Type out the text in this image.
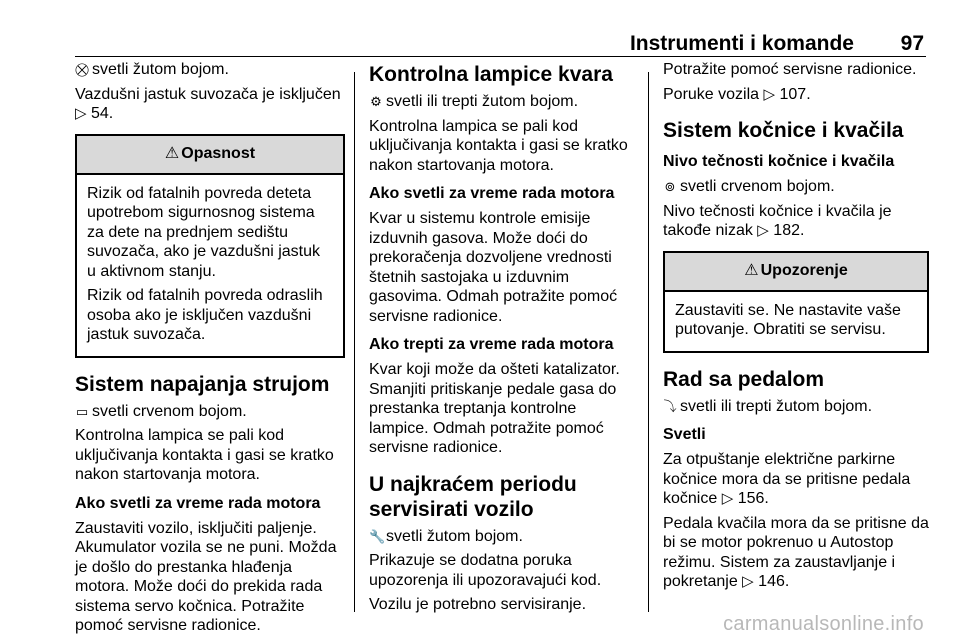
Instrumenti i komande 97

⛒ svetli žutom bojom.

Vazdušni jastuk suvozača je isključen
▷ 54.

⚠ Opasnost

Rizik od fatalnih povreda deteta upotrebom sigurnosnog sistema za dete na prednjem sedištu suvozača, ako je vazdušni jastuk u aktivnom stanju.

Rizik od fatalnih povreda odraslih osoba ako je isključen vazdušni jastuk suvozača.

Sistem napajanja strujom

▭ svetli crvenom bojom.

Kontrolna lampica se pali kod uključivanja kontakta i gasi se kratko nakon startovanja motora.

Ako svetli za vreme rada motora

Zaustaviti vozilo, isključiti paljenje. Akumulator vozila se ne puni. Možda je došlo do prestanka hlađenja motora. Može doći do prekida rada sistema servo kočnica. Potražite pomoć servisne radionice.

Kontrolna lampice kvara

⚙ svetli ili trepti žutom bojom.

Kontrolna lampica se pali kod uključivanja kontakta i gasi se kratko nakon startovanja motora.

Ako svetli za vreme rada motora

Kvar u sistemu kontrole emisije izduvnih gasova. Može doći do prekoračenja dozvoljene vrednosti štetnih sastojaka u izduvnim gasovima. Odmah potražite pomoć servisne radionice.

Ako trepti za vreme rada motora

Kvar koji može da ošteti katalizator. Smanjiti pritiskanje pedale gasa do prestanka treptanja kontrolne lampice. Odmah potražite pomoć servisne radionice.

U najkraćem periodu servisirati vozilo

🔧svetli žutom bojom.

Prikazuje se dodatna poruka upozorenja ili upozoravajući kod.

Vozilu je potrebno servisiranje.

Potražite pomoć servisne radionice.

Poruke vozila ▷ 107.

Sistem kočnice i kvačila
Nivo tečnosti kočnice i kvačila

⊚ svetli crvenom bojom.

Nivo tečnosti kočnice i kvačila je takođe nizak ▷ 182.

⚠ Upozorenje

Zaustaviti se. Ne nastavite vaše putovanje. Obratiti se servisu.

Rad sa pedalom

⤵ svetli ili trepti žutom bojom.

Svetli

Za otpuštanje električne parkirne kočnice mora da se pritisne pedala kočnice ▷ 156.

Pedala kvačila mora da se pritisne da bi se motor pokrenuo u Autostop režimu. Sistem za zaustavljanje i pokretanje ▷ 146.

carmanualsonline.info
